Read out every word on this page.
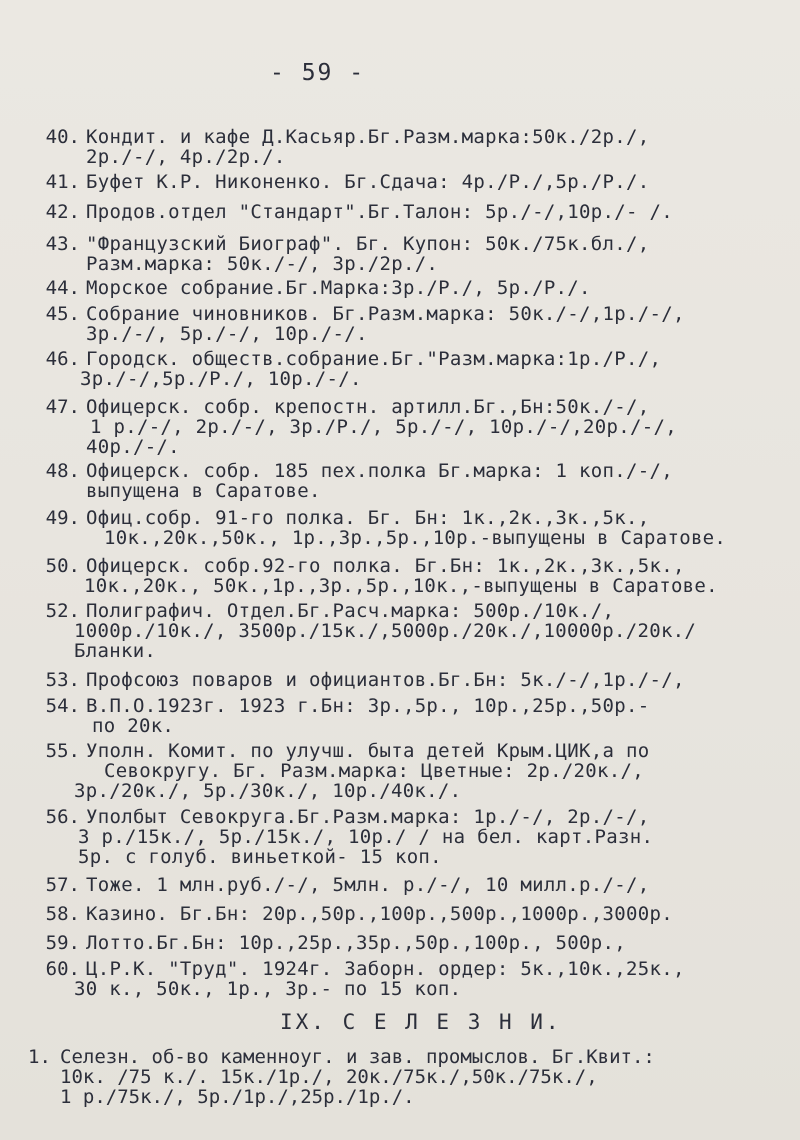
- 59 -
40. Кондит. и кафе Д.Касьяр.Бг.Разм.марка:50к./2р./,
2р./-/, 4р./2р./.
41. Буфет К.Р. Никоненко. Бг.Сдача: 4р./Р./,5р./Р./.
42. Продов.отдел "Стандарт".Бг.Талон: 5р./-/,10р./- /.
43. "Французский Биограф". Бг. Купон: 50к./75к.бл./,
Разм.марка: 50к./-/, 3р./2р./.
44. Морское собрание.Бг.Марка:3р./Р./, 5р./Р./.
45. Собрание чиновников. Бг.Разм.марка: 50к./-/,1р./-/,
3р./-/, 5р./-/, 10р./-/.
46. Городск. обществ.собрание.Бг."Разм.марка:1р./Р./,
3р./-/,5р./Р./, 10р./-/.
47. Офицерск. собр. крепостн. артилл.Бг.,Бн:50к./-/,
1 р./-/, 2р./-/, 3р./Р./, 5р./-/, 10р./-/,20р./-/,
40р./-/.
48. Офицерск. собр. 185 пех.полка Бг.марка: 1 коп./-/,
выпущена в Саратове.
49. Офиц.собр. 91-го полка. Бг. Бн: 1к.,2к.,3к.,5к.,
10к.,20к.,50к., 1р.,3р.,5р.,10р.-выпущены в Саратове.
50. Офицерск. собр.92-го полка. Бг.Бн: 1к.,2к.,3к.,5к.,
10к.,20к., 50к.,1р.,3р.,5р.,10к.,-выпущены в Саратове.
52. Полиграфич. Отдел.Бг.Расч.марка: 500р./10к./,
1000р./10к./, 3500р./15к./,5000р./20к./,10000р./20к./
Бланки.
53. Профсоюз поваров и официантов.Бг.Бн: 5к./-/,1р./-/,
54. В.П.О.1923г. 1923 г.Бн: 3р.,5р., 10р.,25р.,50р.-
по 20к.
55. Уполн. Комит. по улучш. быта детей Крым.ЦИК,а по
Севокругу. Бг. Разм.марка: Цветные: 2р./20к./,
3р./20к./, 5р./30к./, 10р./40к./.
56. Уполбыт Севокруга.Бг.Разм.марка: 1р./-/, 2р./-/,
3 р./15к./, 5р./15к./, 10р./ / на бел. карт.Разн.
5р. с голуб. виньеткой- 15 коп.
57. Тоже. 1 млн.руб./-/, 5млн. р./-/, 10 милл.р./-/,
58. Казино. Бг.Бн: 20р.,50р.,100р.,500р.,1000р.,3000р.
59. Лотто.Бг.Бн: 10р.,25р.,35р.,50р.,100р., 500р.,
60. Ц.Р.К. "Труд". 1924г. Заборн. ордер: 5к.,10к.,25к.,
30 к., 50к., 1р., 3р.- по 15 коп.
IX. С Е Л Е З Н И.
1. Селезн. об-во каменноуг. и зав. промыслов. Бг.Квит.:
10к. /75 к./. 15к./1р./, 20к./75к./,50к./75к./,
1 р./75к./, 5р./1р./,25р./1р./.
